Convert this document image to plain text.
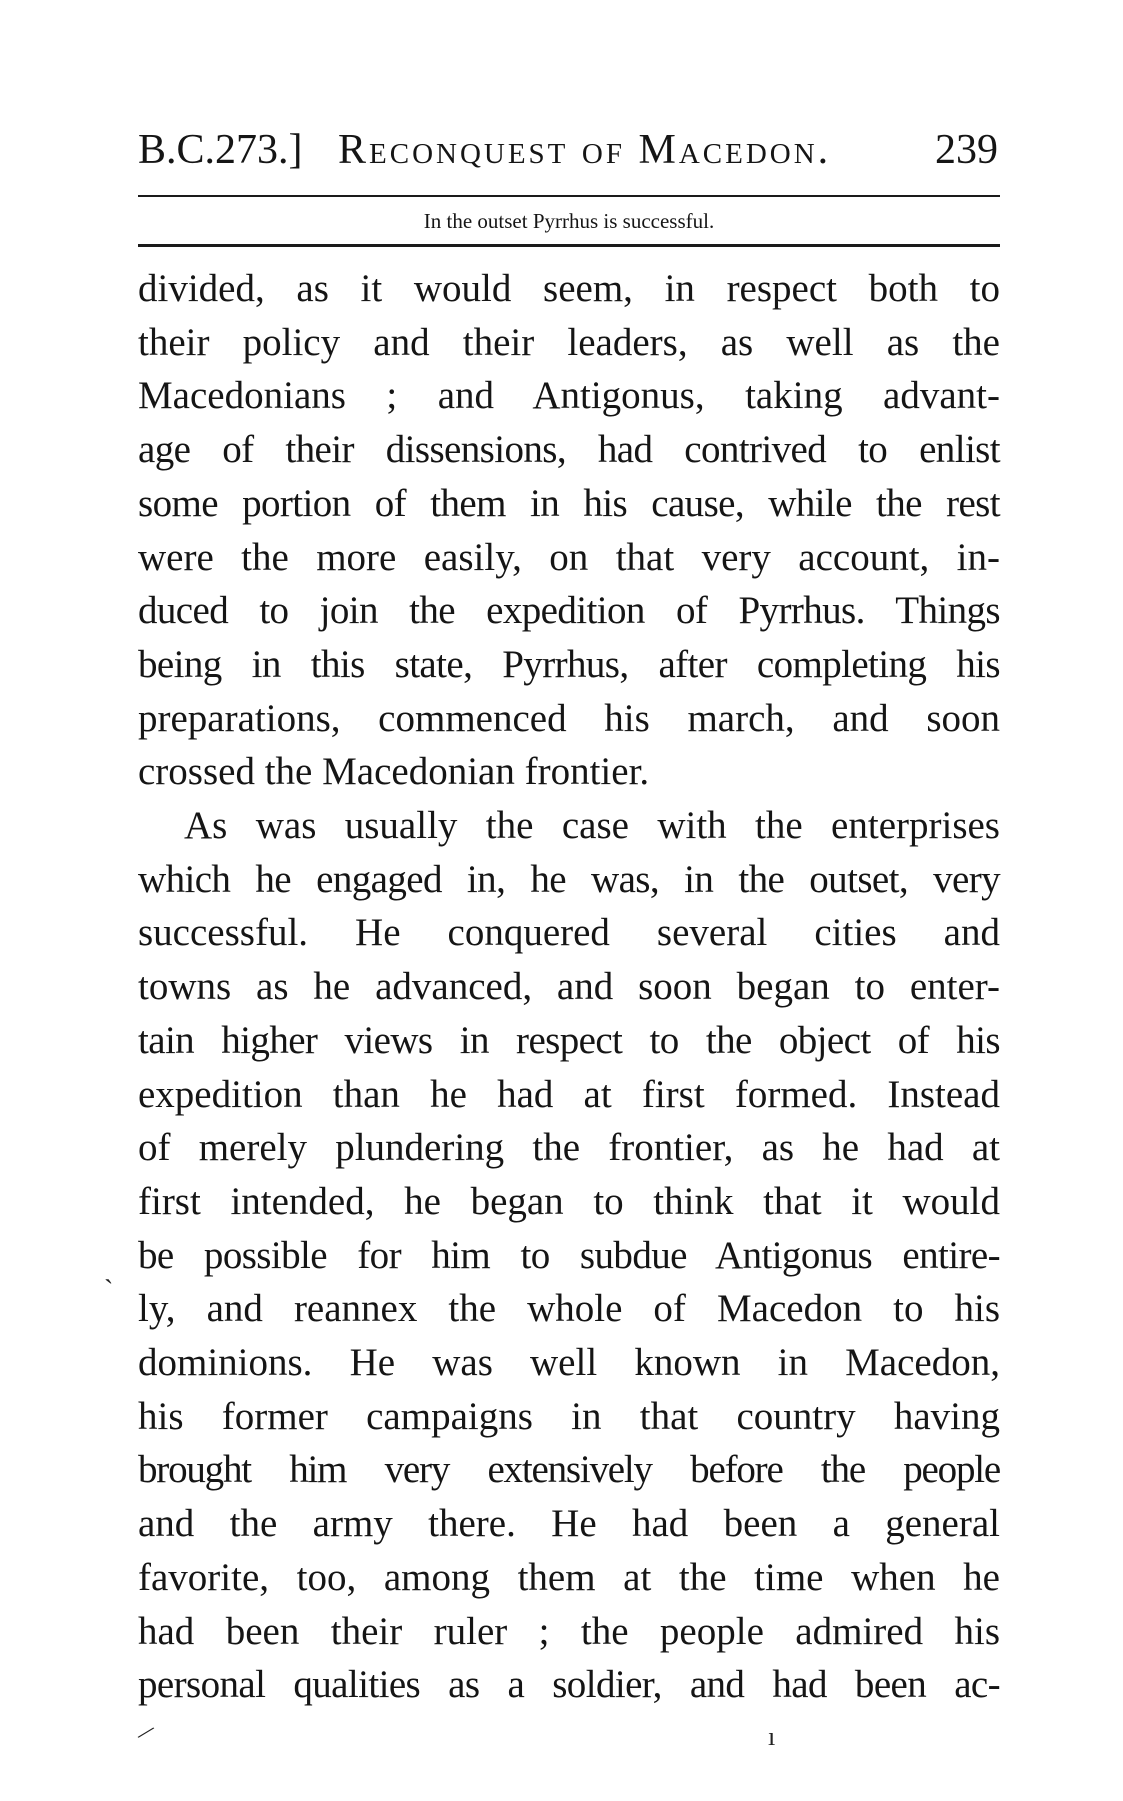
B.C.273.] Reconquest of Macedon. 239
In the outset Pyrrhus is successful.
divided, as it would seem, in respect both to
their policy and their leaders, as well as the
Macedonians ; and Antigonus, taking advant-
age of their dissensions, had contrived to enlist
some portion of them in his cause, while the rest
were the more easily, on that very account, in-
duced to join the expedition of Pyrrhus. Things
being in this state, Pyrrhus, after completing his
preparations, commenced his march, and soon
crossed the Macedonian frontier.
As was usually the case with the enterprises
which he engaged in, he was, in the outset, very
successful. He conquered several cities and
towns as he advanced, and soon began to enter-
tain higher views in respect to the object of his
expedition than he had at first formed. Instead
of merely plundering the frontier, as he had at
first intended, he began to think that it would
be possible for him to subdue Antigonus entire-
ly, and reannex the whole of Macedon to his
dominions. He was well known in Macedon,
his former campaigns in that country having
brought him very extensively before the people
and the army there. He had been a general
favorite, too, among them at the time when he
had been their ruler ; the people admired his
personal qualities as a soldier, and had been ac-
ˋ
/	ı
